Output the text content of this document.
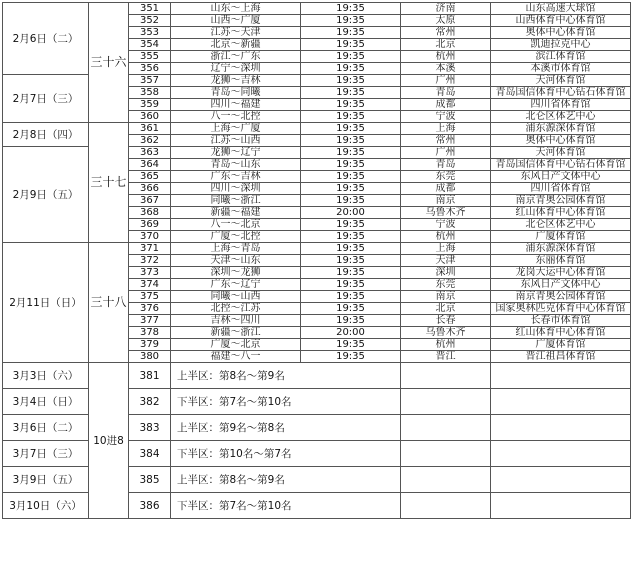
2月6日（二）	三十六	351	山东～上海	19:35	济南	山东高速大球馆
		352	山西～广厦	19:35	太原	山西体育中心体育馆
		353	江苏～天津	19:35	常州	奥体中心体育馆
		354	北京～新疆	19:35	北京	凯迪拉克中心
		355	浙江～广东	19:35	杭州	滨江体育馆
		356	辽宁～深圳	19:35	本溪	本溪市体育馆
2月7日（三）		357	龙狮～吉林	19:35	广州	天河体育馆
		358	青岛～同曦	19:35	青岛	青岛国信体育中心钻石体育馆
		359	四川～福建	19:35	成都	四川省体育馆
		360	八一～北控	19:35	宁波	北仑区体艺中心
2月8日（四）	三十七	361	上海～广厦	19:35	上海	浦东源深体育馆
		362	江苏～山西	19:35	常州	奥体中心体育馆
2月9日（五）		363	龙狮～辽宁	19:35	广州	天河体育馆
		364	青岛～山东	19:35	青岛	青岛国信体育中心钻石体育馆
		365	广东～吉林	19:35	东莞	东风日产文体中心
		366	四川～深圳	19:35	成都	四川省体育馆
		367	同曦～浙江	19:35	南京	南京青奥公园体育馆
		368	新疆～福建	20:00	乌鲁木齐	红山体育中心体育馆
		369	八一～北京	19:35	宁波	北仑区体艺中心
		370	广厦～北控	19:35	杭州	广厦体育馆
2月11日（日）	三十八	371	上海～青岛	19:35	上海	浦东源深体育馆
		372	天津～山东	19:35	天津	东丽体育馆
		373	深圳～龙狮	19:35	深圳	龙岗大运中心体育馆
		374	广东～辽宁	19:35	东莞	东风日产文体中心
		375	同曦～山西	19:35	南京	南京青奥公园体育馆
		376	北控～江苏	19:35	北京	国家奥林匹克体育中心体育馆
		377	吉林～四川	19:35	长春	长春市体育馆
		378	新疆～浙江	20:00	乌鲁木齐	红山体育中心体育馆
		379	广厦～北京	19:35	杭州	广厦体育馆
		380	福建～八一	19:35	晋江	晋江祖昌体育馆
3月3日（六）	10进8	381	上半区：第8名～第9名			
3月4日（日）		382	下半区：第7名～第10名			
3月6日（二）		383	上半区：第9名～第8名			
3月7日（三）		384	下半区：第10名～第7名			
3月9日（五）		385	上半区：第8名～第9名			
3月10日（六）		386	下半区：第7名～第10名			
